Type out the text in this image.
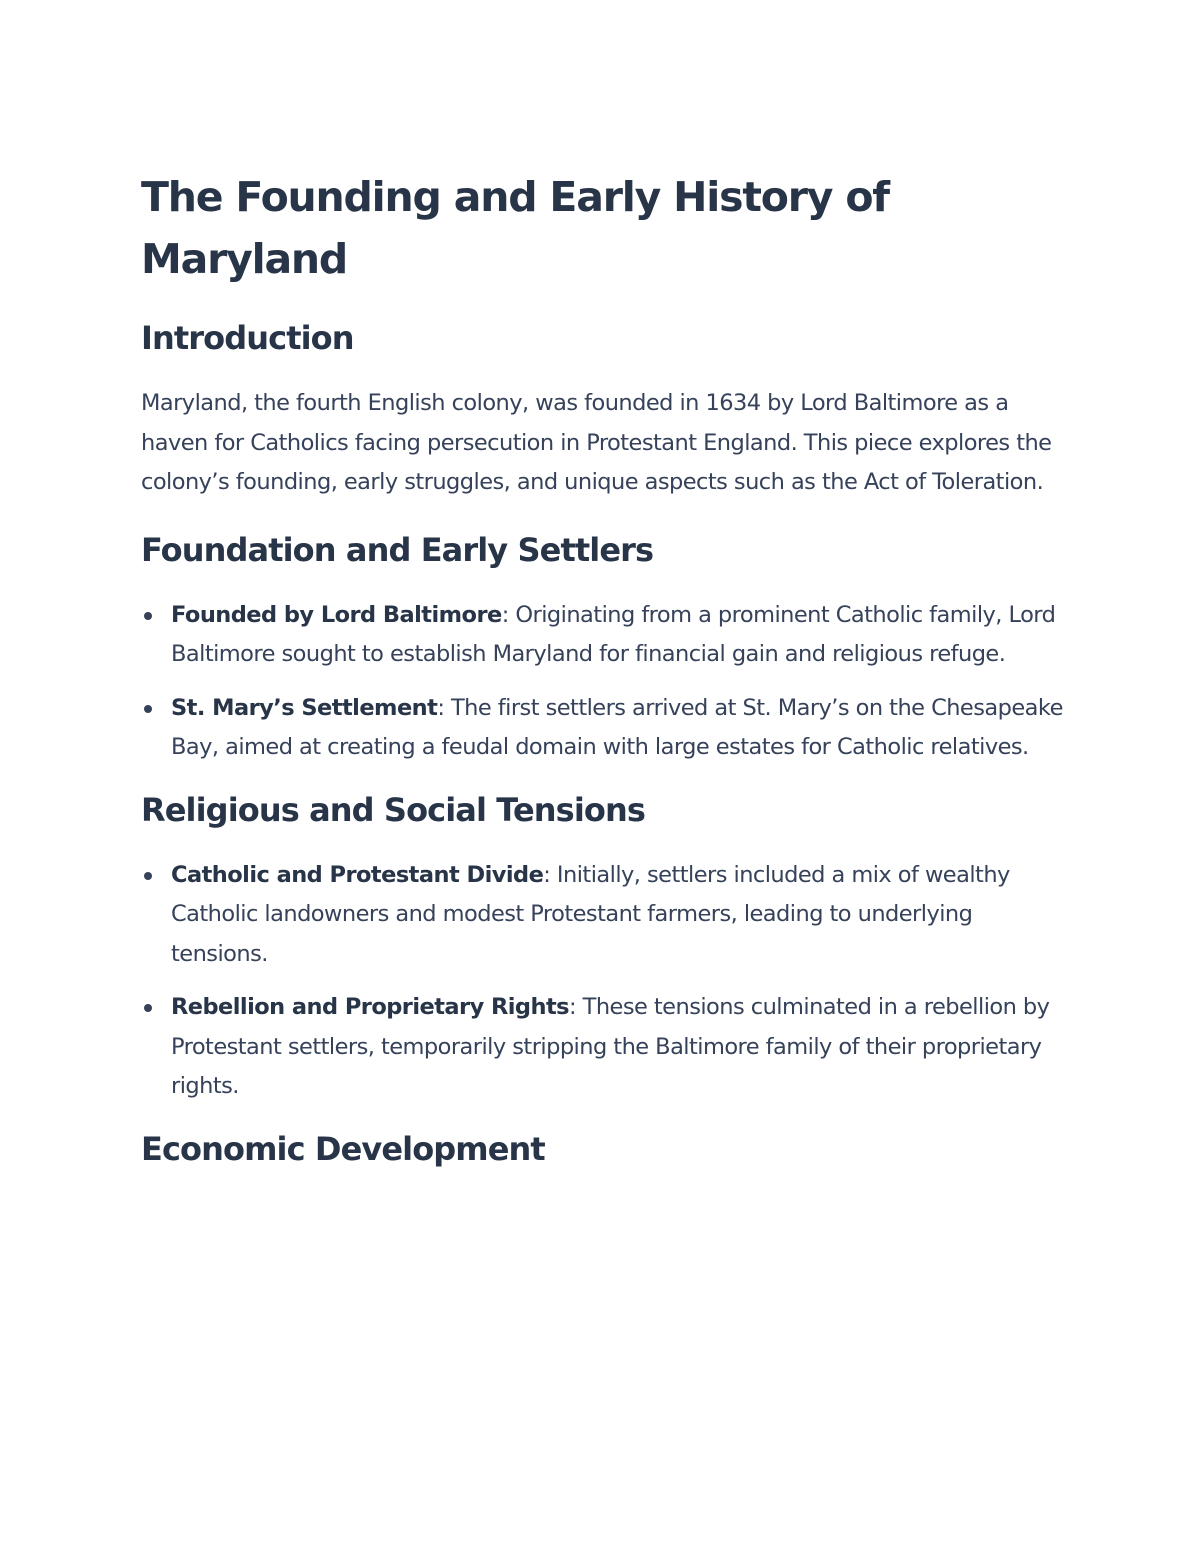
The Founding and Early History of Maryland
Introduction

Maryland, the fourth English colony, was founded in 1634 by Lord Baltimore as a haven for Catholics facing persecution in Protestant England. This piece explores the colony’s founding, early struggles, and unique aspects such as the Act of Toleration.

Foundation and Early Settlers
Founded by Lord Baltimore: Originating from a prominent Catholic family, Lord Baltimore sought to establish Maryland for financial gain and religious refuge.
St. Mary’s Settlement: The first settlers arrived at St. Mary’s on the Chesapeake Bay, aimed at creating a feudal domain with large estates for Catholic relatives.
Religious and Social Tensions
Catholic and Protestant Divide: Initially, settlers included a mix of wealthy Catholic landowners and modest Protestant farmers, leading to underlying tensions.
Rebellion and Proprietary Rights: These tensions culminated in a rebellion by Protestant settlers, temporarily stripping the Baltimore family of their proprietary rights.
Economic Development
